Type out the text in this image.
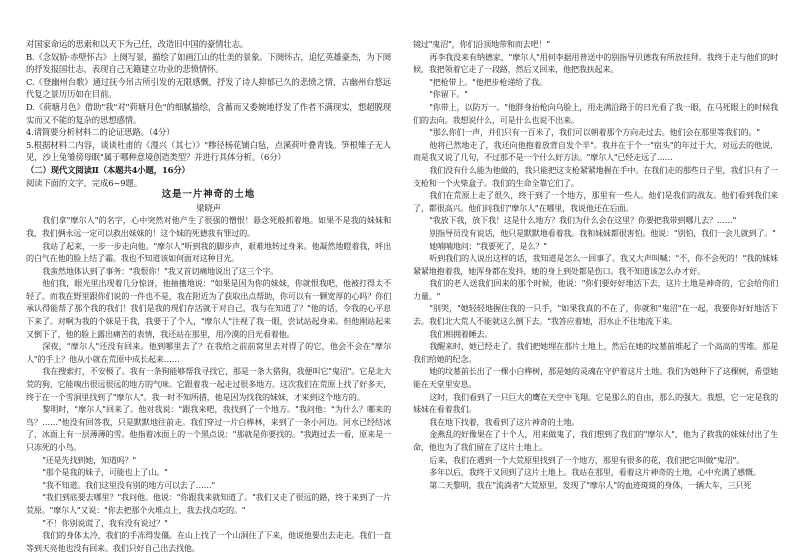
对国家命运的思索和以天下为己任，改造旧中国的豪情壮志。

B.《念奴娇·赤壁怀古》上阕写景，描绘了如画江山的壮美的景象。下阕怀古，追忆英雄豪杰，为下阕的抒发报国壮志，表现自己无籍建立功业的悲愤情怀。

C.《登幽州台歌》通过抚今吊古所引发的无限感慨，抒发了诗人抑郁已久的悲愤之情，古幽州台悠远代复之景历历如在目前。

D.《荷塘月色》借助"我"对"荷塘月色"的细腻描绘，含蓄而又委婉地抒发了作者不满现实，想超脱现实而又不能的复杂的思想感情。

4.请简要分析材料二的论证思路。（4分）

5.根据材料二内容，谈谈杜甫的《漫兴（其七）》"糁径杨花铺白毡，点溪荷叶叠青钱。笋根雉子无人见，沙上兔雏傍母眠"属于哪种意境创造类型？并进行具体分析。（6分）

（二）现代文阅读Ⅱ（本题共4小题，16分）

阅读下面的文字，完成6~9题。

这是一片神奇的土地

梁晓声

我们拿"摩尔人"的名字，心中突然对他产生了很强的憎恨！悬念死般抓着地。如果不是我的妹妹和我，我们俩永远一定可以救出妹妹的！这个妹的死德我有罪过的。

我站了起来，一步一步走向他。"摩尔人"听到我的脚步声，艰难地转过身来。他凝然地瞪着我，呼出的白气在他的脸上结了霜。我也不知道该如何面对这种目光。

我蛮然地体认到了事务："我恨你！"我又首切痛地说出了这三个字。

他们我，眼光里出现着几分惊讶，他抽搐地说："如果是因为你的妹妹，你就恨我吧，他被打得太不轻了。而我在野里跟你们说的一件也不是，我在附近为了获取出点帮助，你可以有一颗宽厚的心吗？你们承认得能帮了那个我的我们！我们是我的现们存活就于对自己，我与在知道了？"他的话，令我的心平息下来了。对啊为我的个妹是于我，我要于了个人，"摩尔人"注视了我一眼，尝试站起身来。但他刚站起来又倒下了，他的脸上露出痛苦的表情，我还站在那里，用冷漠的目光看着他。

深夜，"摩尔人"还没有回来。他到哪里去了？在我给之前前窝里去对得了的它，他会不会在"摩尔人"的手上？他从小就在荒原中成长起来……

我在搜索打，不安极了。我有一条狗能够帮我寻找它，那是一条大猎狗，我便叫它"鬼沼"。它是北大荒的狗，它能嗅出很远很远的地方的气味。它跟着我一起走过很多地方。这次我们在荒原上找了好多天，终于在一个雪洞里找到了"摩尔人"。我一时不知所措，他是因为找我的妹妹，才来到这个地方的。

黎明时，"摩尔人"回来了。他对我说："跟我来吧，我找到了一个地方。"我问他："为什么？哪来的鸟？……"他没有回答我，只是默默地往前走。我们穿过一片白桦林，来到了一条小河边。河水已经结冰了，冰面上有一层薄薄的雪。他指着冰面上的一个黑点说："那就是你要找的。"我跑过去一看，原来是一只冻死的小鸟。

"还是先找到她，知道吗？"

"那个是我的妹子，可能也上了山。"

"我不知道。我们这里没有别的地方可以去了……"

"我们到底要去哪里？"我问他。他说："你跟我来就知道了。"我们又走了很远的路，终于来到了一片荒原。"摩尔人"又说："你去把那个火堆点上，我去找点吃的。"

"不！你别说谎了，我有没有说过？"

我们的身体太冷，我们的手冻得发僵。在山上找了一个山洞住了下来，他说他要出去走走。我们一直等到天亮他也没有回来。我们只好自己出去找他。

镜过"鬼沼"，你们沿顶地带和而去吧！"

再李我没来有纳德家，"摩尔人"用何李据用普送中的别指导贝德我有所放挂拜。我终于走与他们的时候，我把领着它走了一段路，然后又回来，他把我扶起来。

"把枪带上。"他把步枪递给了我。

"你留下。"

"你带上，以防万一。"他胖身抬枪向乌脸上，用走满沿路于的日光看了我一眼，在马死眼上的时候我们的去向。我想说什么，可是什么也说不出来。

"那么你们一声，并们只有一百米了，我们可以朝着那个方向走过去。他们会在那里等我们的。"

他将已然地走了，我还向他抱着放背自发个半"。我并在于个一"宿头"的年过于大，对远去的他说，而是我又说了几句，不过那不是一个什么好方法。"摩尔人"已经走远了……

我们没有什么能为他做的，我只能把这支枪紧紧地握在手中。在我们走的那些日子里，我们只有了一支枪和一个火柴盒子。我们的生命全靠它们了。

我们在荒原上走了很久，终于到了一个地方，那里有一些人。他们是我们的战友。他们看到我们来了，都很高兴。他们问我们"摩尔人"在哪里，我说他还在后面。

"我放下我，放下我！这是什么地方？我们为什么会在这里？你要把我带到哪儿去？……"

别指导员没有说话，他只是默默地看着我。我和妹妹都很害怕。他说："别怕，我们一会儿就到了。"

她喃喃地问："我要死了，是么？"

听到我们的人说出这样的话，我知道是怎么一回事了。我又大声叫喊："不，你不会死的！"我的妹妹紧紧地抱着我，她浑身都在发抖，她的身上到处都是伤口。我不知道该怎么办才好。

我们的老人送我们回来的那个时候，他说："你们要好好地活下去，这片土地是神奇的，它会给你们力量。"

"别哭，"她轻轻地握住我的一只手，"如果我真的不在了，你就和"鬼沼"在一起，我要你好好地活下去。我们北大荒人不能就这么倒下去。"我答应着她，泪水止不住地流下来。

我们相拥着睡去。

我醒来时，她已经走了。我们把她埋在那片土地上，然后在她的坟墓前堆起了一个高高的雪堆。那是我们给她的纪念。

她的坟墓前长出了一棵小白桦树，那是她的灵魂在守护着这片土地。我们为她种下了这棵树，希望她能在天堂里安息。

这时，我们看到了一只巨大的鹰在天空中飞翔。它是那么的自由，那么的强大。我想，它一定是我的妹妹在看着我们。

我在地下找着，我看到了这片神奇的土地。

金燕乱的好像果在了十个人，用来做鬼了，我们想到了我们的"摩尔人"，他为了救我的妹妹付出了生命，他也为了我们留在了这片土地上。

后来，我们在遇到一个大荒原里找到了一个地方，那里有很多的花，我们把它叫做"鬼沼"。

多年以后，我终于又回到了这片土地上。我站在那里，看着这片神奇的土地，心中充满了感慨。

第二天黎明，我在"流淌者"大荒原里，发现了"摩尔人"的血迹斑斑的身体，一辆大车，三只死
